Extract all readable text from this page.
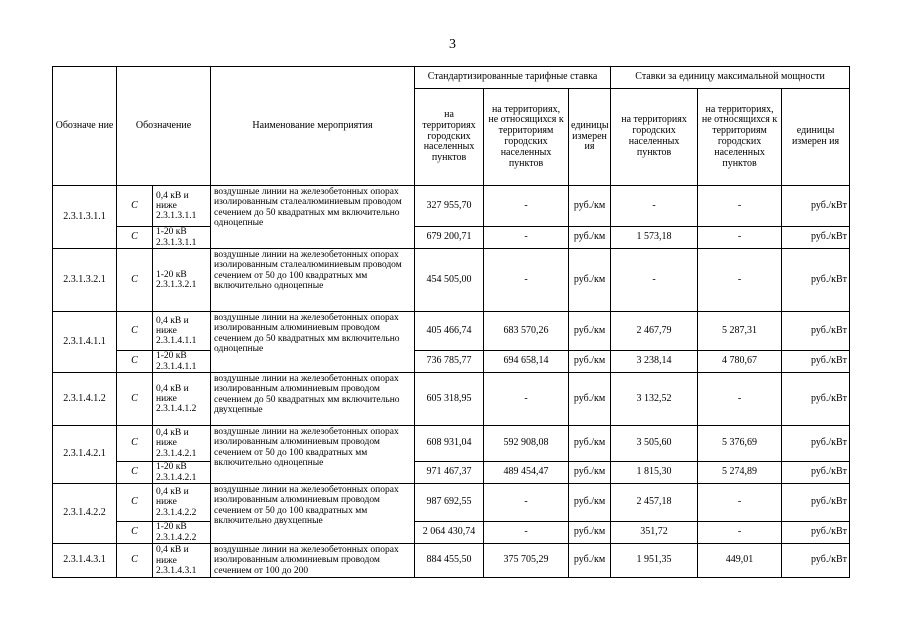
3
Обозначе ние	Обозначение		Наименование мероприятия	Стандартизированные тарифные ставка			Ставки за единицу максимальной мощности		
				на территориях городских населенных пунктов	на территориях, не относящихся к территориям городских населенных пунктов	единицы измерен ия	на территориях городских населенных пунктов	на территориях, не относящихся к территориям городских населенных пунктов	единицы измерен ия
2.3.1.3.1.1	С	0,4 кВ и ниже 2.3.1.3.1.1	воздушные линии на железобетонных опорах изолированным сталеалюминиевым проводом сечением до 50 квадратных мм включительно одноцепные	327 955,70	-	руб./км	-	-	руб./кВт
	С	1-20 кВ 2.3.1.3.1.1		679 200,71	-	руб./км	1 573,18	-	руб./кВт
2.3.1.3.2.1	С	1-20 кВ 2.3.1.3.2.1	воздушные линии на железобетонных опорах изолированным сталеалюминиевым проводом сечением от 50 до 100 квадратных мм включительно одноцепные	454 505,00	-	руб./км	-	-	руб./кВт
2.3.1.4.1.1	С	0,4 кВ и ниже 2.3.1.4.1.1	воздушные линии на железобетонных опорах изолированным алюминиевым проводом сечением до 50 квадратных мм включительно одноцепные	405 466,74	683 570,26	руб./км	2 467,79	5 287,31	руб./кВт
	С	1-20 кВ 2.3.1.4.1.1		736 785,77	694 658,14	руб./км	3 238,14	4 780,67	руб./кВт
2.3.1.4.1.2	С	0,4 кВ и ниже 2.3.1.4.1.2	воздушные линии на железобетонных опорах изолированным алюминиевым проводом сечением до 50 квадратных мм включительно двухцепные	605 318,95	-	руб./км	3 132,52	-	руб./кВт
2.3.1.4.2.1	С	0,4 кВ и ниже 2.3.1.4.2.1	воздушные линии на железобетонных опорах изолированным алюминиевым проводом сечением от 50 до 100 квадратных мм включительно одноцепные	608 931,04	592 908,08	руб./км	3 505,60	5 376,69	руб./кВт
	С	1-20 кВ 2.3.1.4.2.1		971 467,37	489 454,47	руб./км	1 815,30	5 274,89	руб./кВт
2.3.1.4.2.2	С	0,4 кВ и ниже 2.3.1.4.2.2	воздушные линии на железобетонных опорах изолированным алюминиевым проводом сечением от 50 до 100 квадратных мм включительно двухцепные	987 692,55	-	руб./км	2 457,18	-	руб./кВт
	С	1-20 кВ 2.3.1.4.2.2		2 064 430,74	-	руб./км	351,72	-	руб./кВт
2.3.1.4.3.1	С	0,4 кВ и ниже 2.3.1.4.3.1	воздушные линии на железобетонных опорах изолированным алюминиевым проводом сечением от 100 до 200	884 455,50	375 705,29	руб./км	1 951,35	449,01	руб./кВт
